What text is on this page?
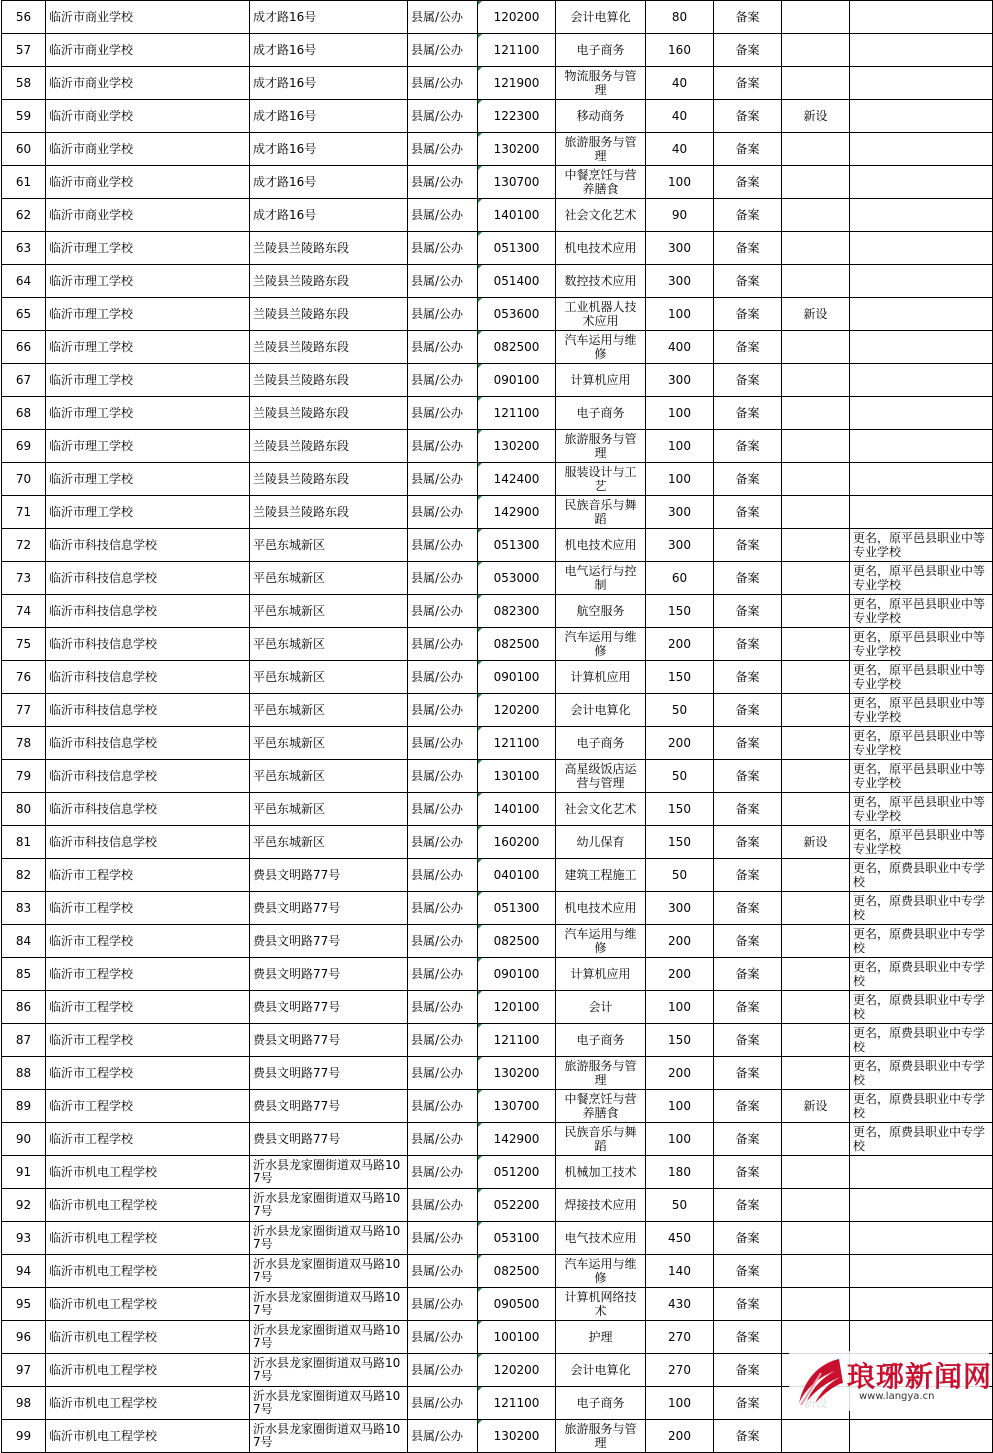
56	临沂市商业学校	成才路16号	县属/公办	120200	会计电算化	80	备案		
57	临沂市商业学校	成才路16号	县属/公办	121100	电子商务	160	备案		
58	临沂市商业学校	成才路16号	县属/公办	121900	物流服务与管理	40	备案		
59	临沂市商业学校	成才路16号	县属/公办	122300	移动商务	40	备案	新设	
60	临沂市商业学校	成才路16号	县属/公办	130200	旅游服务与管理	40	备案		
61	临沂市商业学校	成才路16号	县属/公办	130700	中餐烹饪与营养膳食	100	备案		
62	临沂市商业学校	成才路16号	县属/公办	140100	社会文化艺术	90	备案		
63	临沂市理工学校	兰陵县兰陵路东段	县属/公办	051300	机电技术应用	300	备案		
64	临沂市理工学校	兰陵县兰陵路东段	县属/公办	051400	数控技术应用	300	备案		
65	临沂市理工学校	兰陵县兰陵路东段	县属/公办	053600	工业机器人技术应用	100	备案	新设	
66	临沂市理工学校	兰陵县兰陵路东段	县属/公办	082500	汽车运用与维修	400	备案		
67	临沂市理工学校	兰陵县兰陵路东段	县属/公办	090100	计算机应用	300	备案		
68	临沂市理工学校	兰陵县兰陵路东段	县属/公办	121100	电子商务	100	备案		
69	临沂市理工学校	兰陵县兰陵路东段	县属/公办	130200	旅游服务与管理	100	备案		
70	临沂市理工学校	兰陵县兰陵路东段	县属/公办	142400	服装设计与工艺	100	备案		
71	临沂市理工学校	兰陵县兰陵路东段	县属/公办	142900	民族音乐与舞蹈	300	备案		
72	临沂市科技信息学校	平邑东城新区	县属/公办	051300	机电技术应用	300	备案		更名，原平邑县职业中等专业学校
73	临沂市科技信息学校	平邑东城新区	县属/公办	053000	电气运行与控制	60	备案		更名，原平邑县职业中等专业学校
74	临沂市科技信息学校	平邑东城新区	县属/公办	082300	航空服务	150	备案		更名，原平邑县职业中等专业学校
75	临沂市科技信息学校	平邑东城新区	县属/公办	082500	汽车运用与维修	200	备案		更名，原平邑县职业中等专业学校
76	临沂市科技信息学校	平邑东城新区	县属/公办	090100	计算机应用	150	备案		更名，原平邑县职业中等专业学校
77	临沂市科技信息学校	平邑东城新区	县属/公办	120200	会计电算化	50	备案		更名，原平邑县职业中等专业学校
78	临沂市科技信息学校	平邑东城新区	县属/公办	121100	电子商务	200	备案		更名，原平邑县职业中等专业学校
79	临沂市科技信息学校	平邑东城新区	县属/公办	130100	高星级饭店运营与管理	50	备案		更名，原平邑县职业中等专业学校
80	临沂市科技信息学校	平邑东城新区	县属/公办	140100	社会文化艺术	150	备案		更名，原平邑县职业中等专业学校
81	临沂市科技信息学校	平邑东城新区	县属/公办	160200	幼儿保育	150	备案	新设	更名，原平邑县职业中等专业学校
82	临沂市工程学校	费县文明路77号	县属/公办	040100	建筑工程施工	50	备案		更名，原费县职业中专学校
83	临沂市工程学校	费县文明路77号	县属/公办	051300	机电技术应用	300	备案		更名，原费县职业中专学校
84	临沂市工程学校	费县文明路77号	县属/公办	082500	汽车运用与维修	200	备案		更名，原费县职业中专学校
85	临沂市工程学校	费县文明路77号	县属/公办	090100	计算机应用	200	备案		更名，原费县职业中专学校
86	临沂市工程学校	费县文明路77号	县属/公办	120100	会计	100	备案		更名，原费县职业中专学校
87	临沂市工程学校	费县文明路77号	县属/公办	121100	电子商务	150	备案		更名，原费县职业中专学校
88	临沂市工程学校	费县文明路77号	县属/公办	130200	旅游服务与管理	200	备案		更名，原费县职业中专学校
89	临沂市工程学校	费县文明路77号	县属/公办	130700	中餐烹饪与营养膳食	100	备案	新设	更名，原费县职业中专学校
90	临沂市工程学校	费县文明路77号	县属/公办	142900	民族音乐与舞蹈	100	备案		更名，原费县职业中专学校
91	临沂市机电工程学校	沂水县龙家圈街道双马路107号	县属/公办	051200	机械加工技术	180	备案		
92	临沂市机电工程学校	沂水县龙家圈街道双马路107号	县属/公办	052200	焊接技术应用	50	备案		
93	临沂市机电工程学校	沂水县龙家圈街道双马路107号	县属/公办	053100	电气技术应用	450	备案		
94	临沂市机电工程学校	沂水县龙家圈街道双马路107号	县属/公办	082500	汽车运用与维修	140	备案		
95	临沂市机电工程学校	沂水县龙家圈街道双马路107号	县属/公办	090500	计算机网络技术	430	备案		
96	临沂市机电工程学校	沂水县龙家圈街道双马路107号	县属/公办	100100	护理	270	备案		
97	临沂市机电工程学校	沂水县龙家圈街道双马路107号	县属/公办	120200	会计电算化	270	备案		
98	临沂市机电工程学校	沂水县龙家圈街道双马路107号	县属/公办	121100	电子商务	100	备案		
99	临沂市机电工程学校	沂水县龙家圈街道双马路107号	县属/公办	130200	旅游服务与管理	200	备案		
琅琊新闻网
www.langya.cn
